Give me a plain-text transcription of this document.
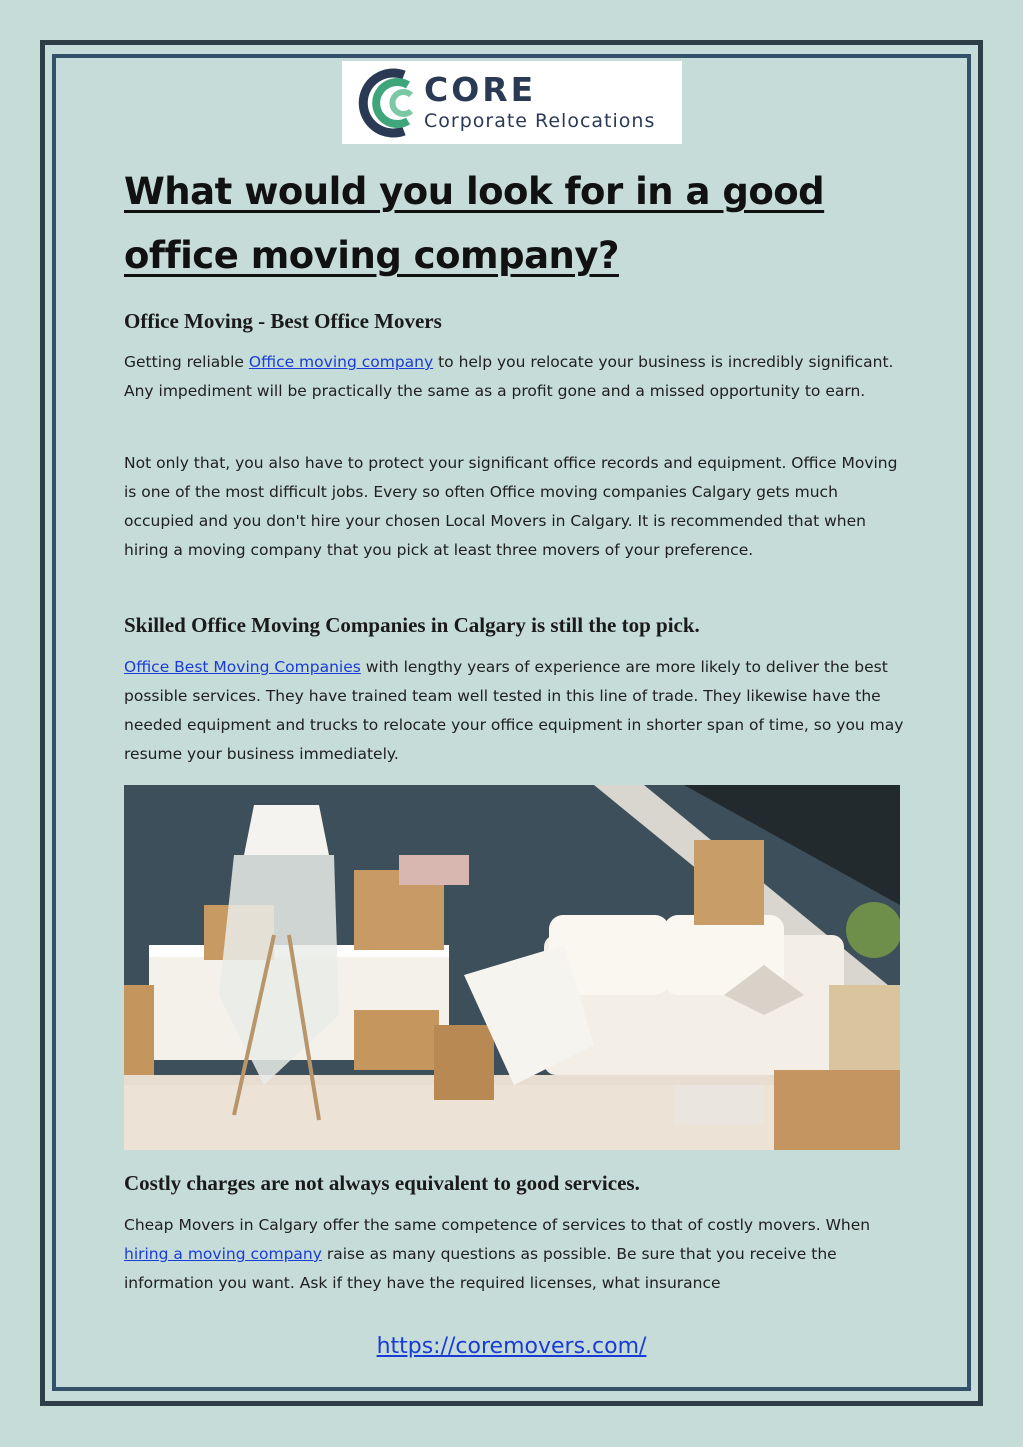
CORE
Corporate Relocations
What would you look for in a good office moving company?
Office Moving - Best Office Movers

Getting reliable Office moving company to help you relocate your business is incredibly significant. Any impediment will be practically the same as a profit gone and a missed opportunity to earn.

Not only that, you also have to protect your significant office records and equipment. Office Moving is one of the most difficult jobs. Every so often Office moving companies Calgary gets much occupied and you don't hire your chosen Local Movers in Calgary. It is recommended that when hiring a moving company that you pick at least three movers of your preference.

Skilled Office Moving Companies in Calgary is still the top pick.

Office Best Moving Companies with lengthy years of experience are more likely to deliver the best possible services. They have trained team well tested in this line of trade. They likewise have the needed equipment and trucks to relocate your office equipment in shorter span of time, so you may resume your business immediately.

Costly charges are not always equivalent to good services.

Cheap Movers in Calgary offer the same competence of services to that of costly movers. When hiring a moving company raise as many questions as possible. Be sure that you receive the information you want. Ask if they have the required licenses, what insurance

https://coremovers.com/
